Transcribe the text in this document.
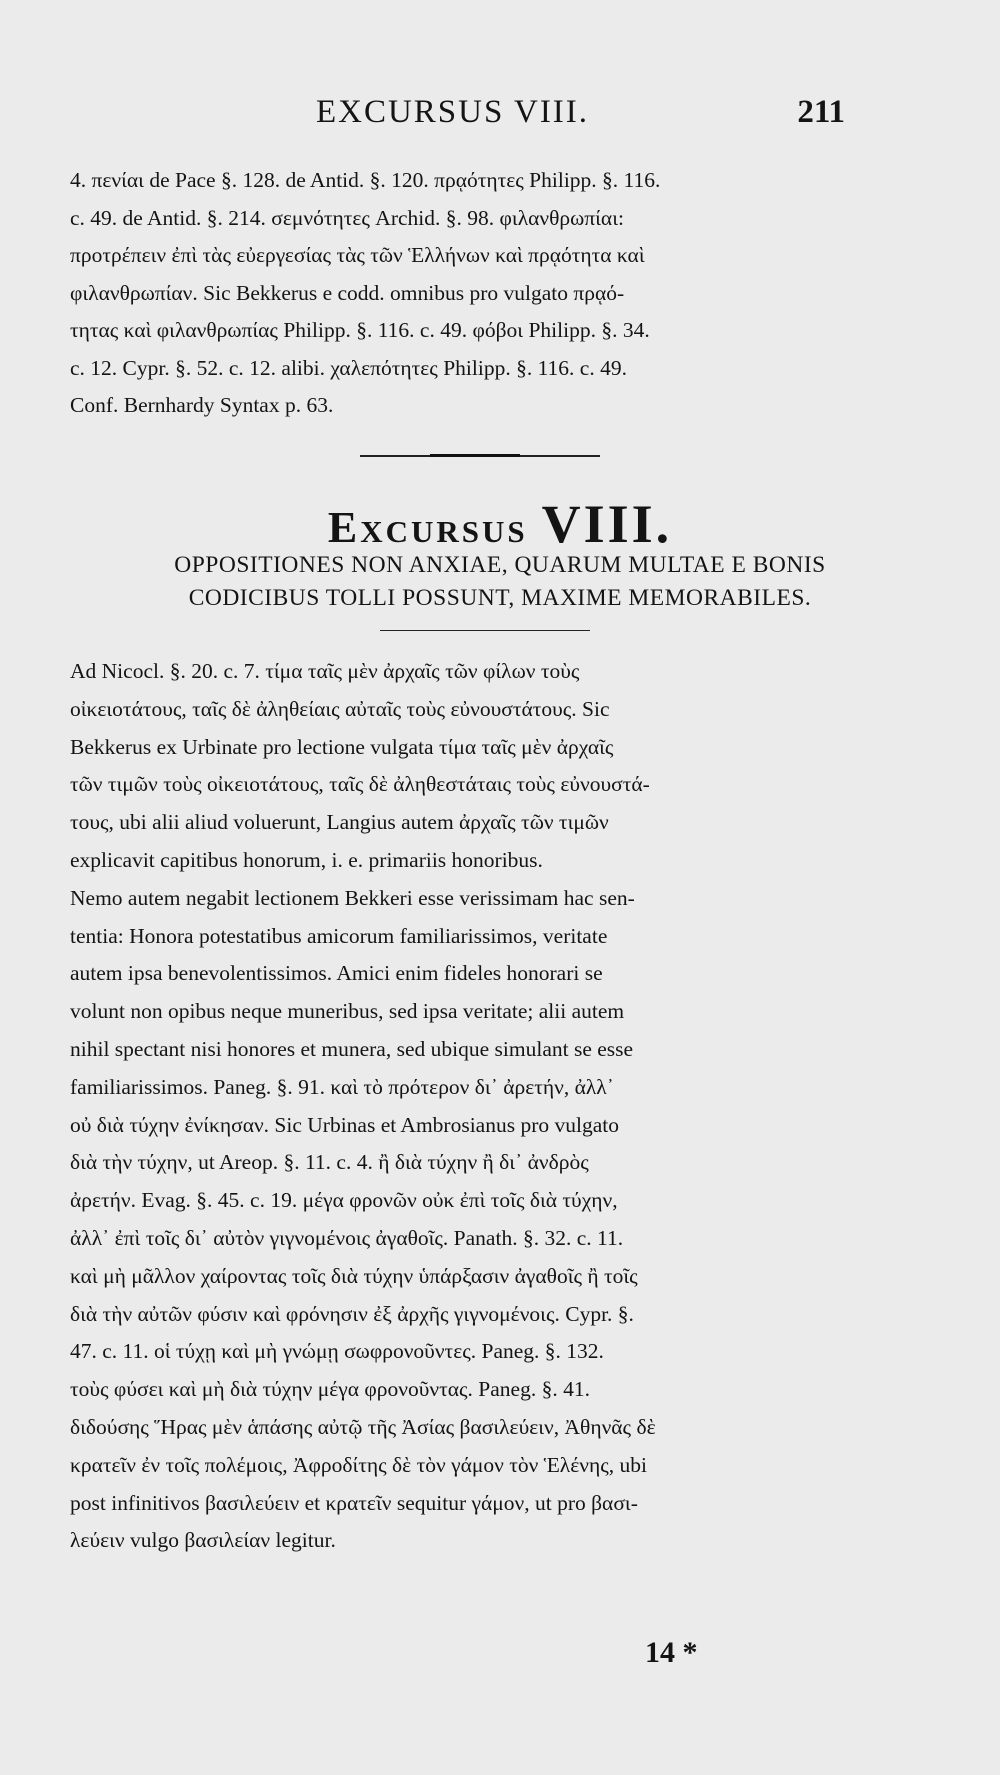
EXCURSUS VIII.	211
4. πενίαι de Pace §. 128. de Antid. §. 120. πρᾳότητες Philipp. §. 116.
c. 49. de Antid. §. 214. σεμνότητες Archid. §. 98. φιλανθρωπίαι:
προτρέπειν ἐπὶ τὰς εὐεργεσίας τὰς τῶν Ἑλλήνων καὶ πρᾳότητα καὶ
φιλανθρωπίαν. Sic Bekkerus e codd. omnibus pro vulgato πρᾳό-
τητας καὶ φιλανθρωπίας Philipp. §. 116. c. 49. φόβοι Philipp. §. 34.
c. 12. Cypr. §. 52. c. 12. alibi. χαλεπότητες Philipp. §. 116. c. 49.
Conf. Bernhardy Syntax p. 63.
Excursus VIII.
OPPOSITIONES NON ANXIAE, QUARUM MULTAE E BONIS
CODICIBUS TOLLI POSSUNT, MAXIME MEMORABILES.
Ad Nicocl. §. 20. c. 7. τίμα ταῖς μὲν ἀρχαῖς τῶν φίλων τοὺς
οἰκειοτάτους, ταῖς δὲ ἀληθείαις αὐταῖς τοὺς εὐνουστάτους. Sic
Bekkerus ex Urbinate pro lectione vulgata τίμα ταῖς μὲν ἀρχαῖς
τῶν τιμῶν τοὺς οἰκειοτάτους, ταῖς δὲ ἀληθεστάταις τοὺς εὐνουστά-
τους, ubi alii aliud voluerunt, Langius autem ἀρχαῖς τῶν τιμῶν
explicavit capitibus honorum, i. e. primariis honoribus.
Nemo autem negabit lectionem Bekkeri esse verissimam hac sen-
tentia: Honora potestatibus amicorum familiarissimos, veritate
autem ipsa benevolentissimos. Amici enim fideles honorari se
volunt non opibus neque muneribus, sed ipsa veritate; alii autem
nihil spectant nisi honores et munera, sed ubique simulant se esse
familiarissimos. Paneg. §. 91. καὶ τὸ πρότερον δι᾽ ἀρετήν, ἀλλ᾽
οὐ διὰ τύχην ἐνίκησαν. Sic Urbinas et Ambrosianus pro vulgato
διὰ τὴν τύχην, ut Areop. §. 11. c. 4. ἢ διὰ τύχην ἢ δι᾽ ἀνδρὸς
ἀρετήν. Evag. §. 45. c. 19. μέγα φρονῶν οὐκ ἐπὶ τοῖς διὰ τύχην,
ἀλλ᾽ ἐπὶ τοῖς δι᾽ αὐτὸν γιγνομένοις ἀγαθοῖς. Panath. §. 32. c. 11.
καὶ μὴ μᾶλλον χαίροντας τοῖς διὰ τύχην ὑπάρξασιν ἀγαθοῖς ἢ τοῖς
διὰ τὴν αὐτῶν φύσιν καὶ φρόνησιν ἐξ ἀρχῆς γιγνομένοις. Cypr. §.
47. c. 11. οἱ τύχῃ καὶ μὴ γνώμῃ σωφρονοῦντες. Paneg. §. 132.
τοὺς φύσει καὶ μὴ διὰ τύχην μέγα φρονοῦντας. Paneg. §. 41.
διδούσης Ἥρας μὲν ἁπάσης αὐτῷ τῆς Ἀσίας βασιλεύειν, Ἀθηνᾶς δὲ
κρατεῖν ἐν τοῖς πολέμοις, Ἀφροδίτης δὲ τὸν γάμον τὸν Ἑλένης, ubi
post infinitivos βασιλεύειν et κρατεῖν sequitur γάμον, ut pro βασι-
λεύειν vulgo βασιλείαν legitur.
14 *
